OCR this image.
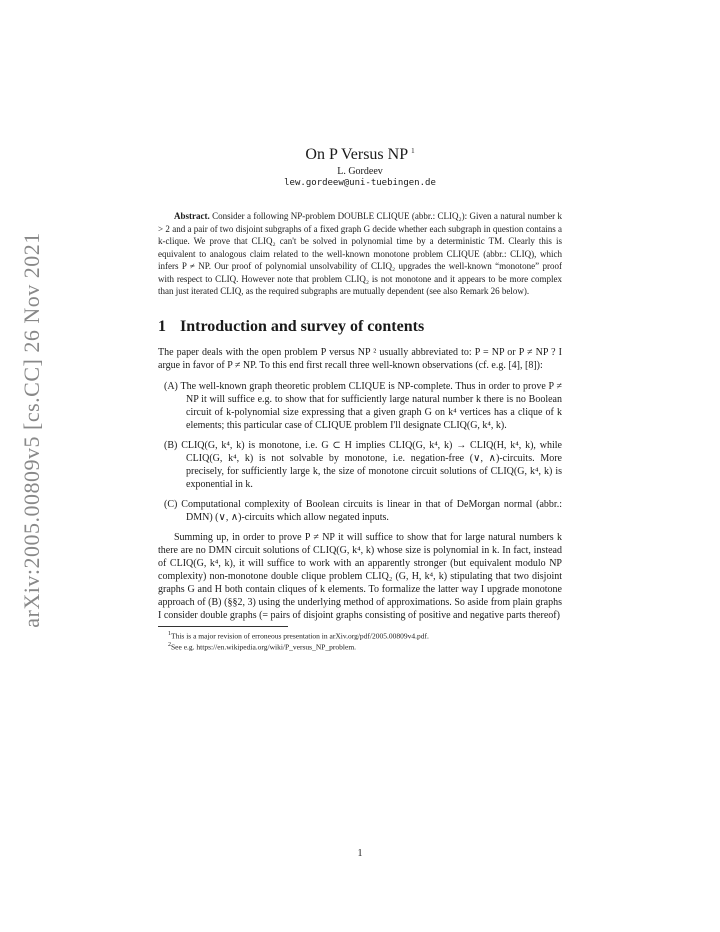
arXiv:2005.00809v5 [cs.CC] 26 Nov 2021
On P Versus NP $^1$
L. Gordeev
lew.gordeew@uni-tuebingen.de
Abstract. Consider a following NP-problem DOUBLE CLIQUE (abbr.: CLIQ₂): Given a natural number k > 2 and a pair of two disjoint subgraphs of a fixed graph G decide whether each subgraph in question contains a k-clique. We prove that CLIQ₂ can't be solved in polynomial time by a deterministic TM. Clearly this is equivalent to analogous claim related to the well-known monotone problem CLIQUE (abbr.: CLIQ), which infers P ≠ NP. Our proof of polynomial unsolvability of CLIQ₂ upgrades the well-known “monotone” proof with respect to CLIQ. However note that problem CLIQ₂ is not monotone and it appears to be more complex than just iterated CLIQ, as the required subgraphs are mutually dependent (see also Remark 26 below).
1 Introduction and survey of contents

The paper deals with the open problem P versus NP ² usually abbreviated to: P = NP or P ≠ NP ? I argue in favor of P ≠ NP. To this end first recall three well-known observations (cf. e.g. [4], [8]):

(A) The well-known graph theoretic problem CLIQUE is NP-complete. Thus in order to prove P ≠ NP it will suffice e.g. to show that for sufficiently large natural number k there is no Boolean circuit of k-polynomial size expressing that a given graph G on k⁴ vertices has a clique of k elements; this particular case of CLIQUE problem I'll designate CLIQ(G, k⁴, k).
(B) CLIQ(G, k⁴, k) is monotone, i.e. G ⊂ H implies CLIQ(G, k⁴, k) → CLIQ(H, k⁴, k), while CLIQ(G, k⁴, k) is not solvable by monotone, i.e. negation-free (∨, ∧)-circuits. More precisely, for sufficiently large k, the size of monotone circuit solutions of CLIQ(G, k⁴, k) is exponential in k.
(C) Computational complexity of Boolean circuits is linear in that of DeMorgan normal (abbr.: DMN) (∨, ∧)-circuits which allow negated inputs.

Summing up, in order to prove P ≠ NP it will suffice to show that for large natural numbers k there are no DMN circuit solutions of CLIQ(G, k⁴, k) whose size is polynomial in k. In fact, instead of CLIQ(G, k⁴, k), it will suffice to work with an apparently stronger (but equivalent modulo NP complexity) non-monotone double clique problem CLIQ₂ (G, H, k⁴, k) stipulating that two disjoint graphs G and H both contain cliques of k elements. To formalize the latter way I upgrade monotone approach of (B) (§§2, 3) using the underlying method of approximations. So aside from plain graphs I consider double graphs (= pairs of disjoint graphs consisting of positive and negative parts thereof)

$^1$This is a major revision of erroneous presentation in arXiv.org/pdf/2005.00809v4.pdf.
$^2$See e.g. https://en.wikipedia.org/wiki/P_versus_NP_problem.
1
